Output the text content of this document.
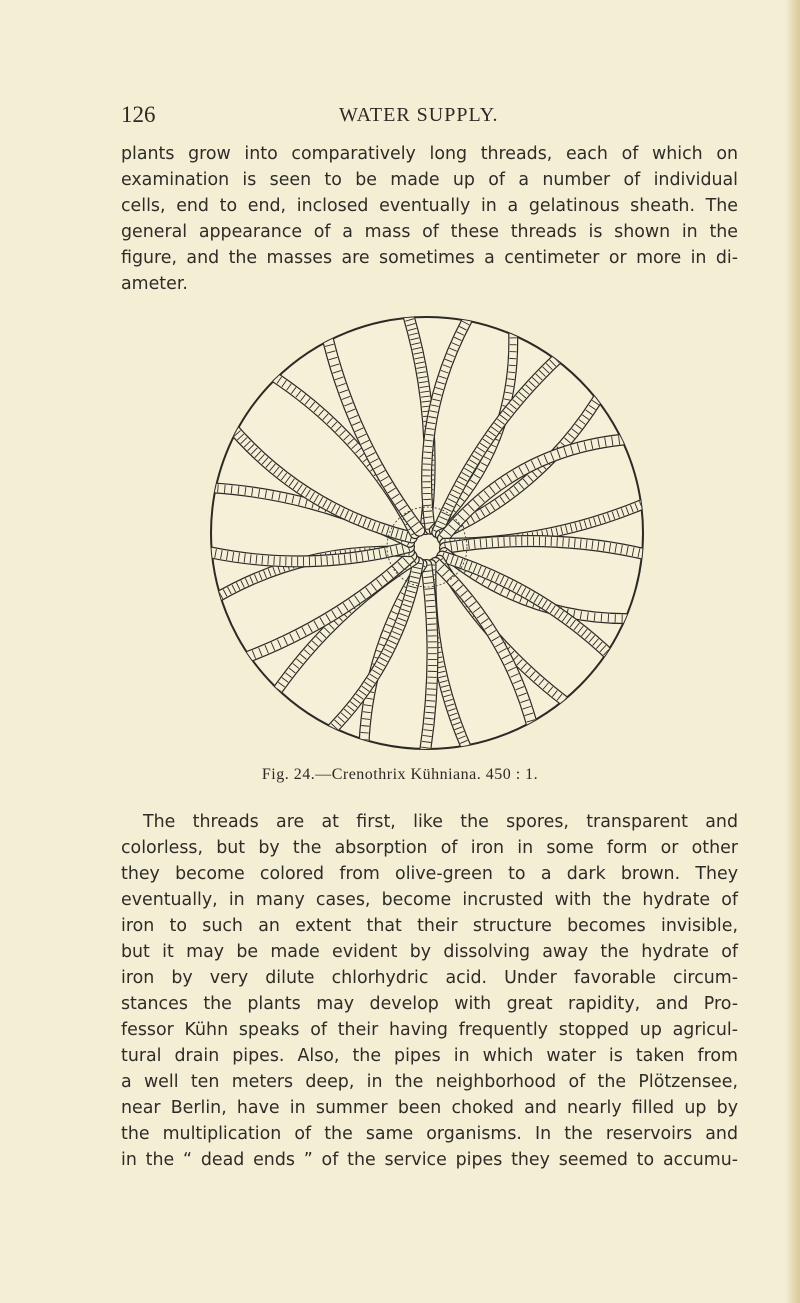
126	WATER SUPPLY.

plants grow into comparatively long threads, each of which on
examination is seen to be made up of a number of individual
cells, end to end, inclosed eventually in a gelatinous sheath. The
general appearance of a mass of these threads is shown in the
figure, and the masses are sometimes a centimeter or more in di-
ameter.

Fig. 24.—Crenothrix Kühniana. 450 : 1.

The threads are at first, like the spores, transparent and
colorless, but by the absorption of iron in some form or other
they become colored from olive-green to a dark brown. They
eventually, in many cases, become incrusted with the hydrate of
iron to such an extent that their structure becomes invisible,
but it may be made evident by dissolving away the hydrate of
iron by very dilute chlorhydric acid. Under favorable circum-
stances the plants may develop with great rapidity, and Pro-
fessor Kühn speaks of their having frequently stopped up agricul-
tural drain pipes. Also, the pipes in which water is taken from
a well ten meters deep, in the neighborhood of the Plötzensee,
near Berlin, have in summer been choked and nearly filled up by
the multiplication of the same organisms. In the reservoirs and
in the “ dead ends ” of the service pipes they seemed to accumu-
